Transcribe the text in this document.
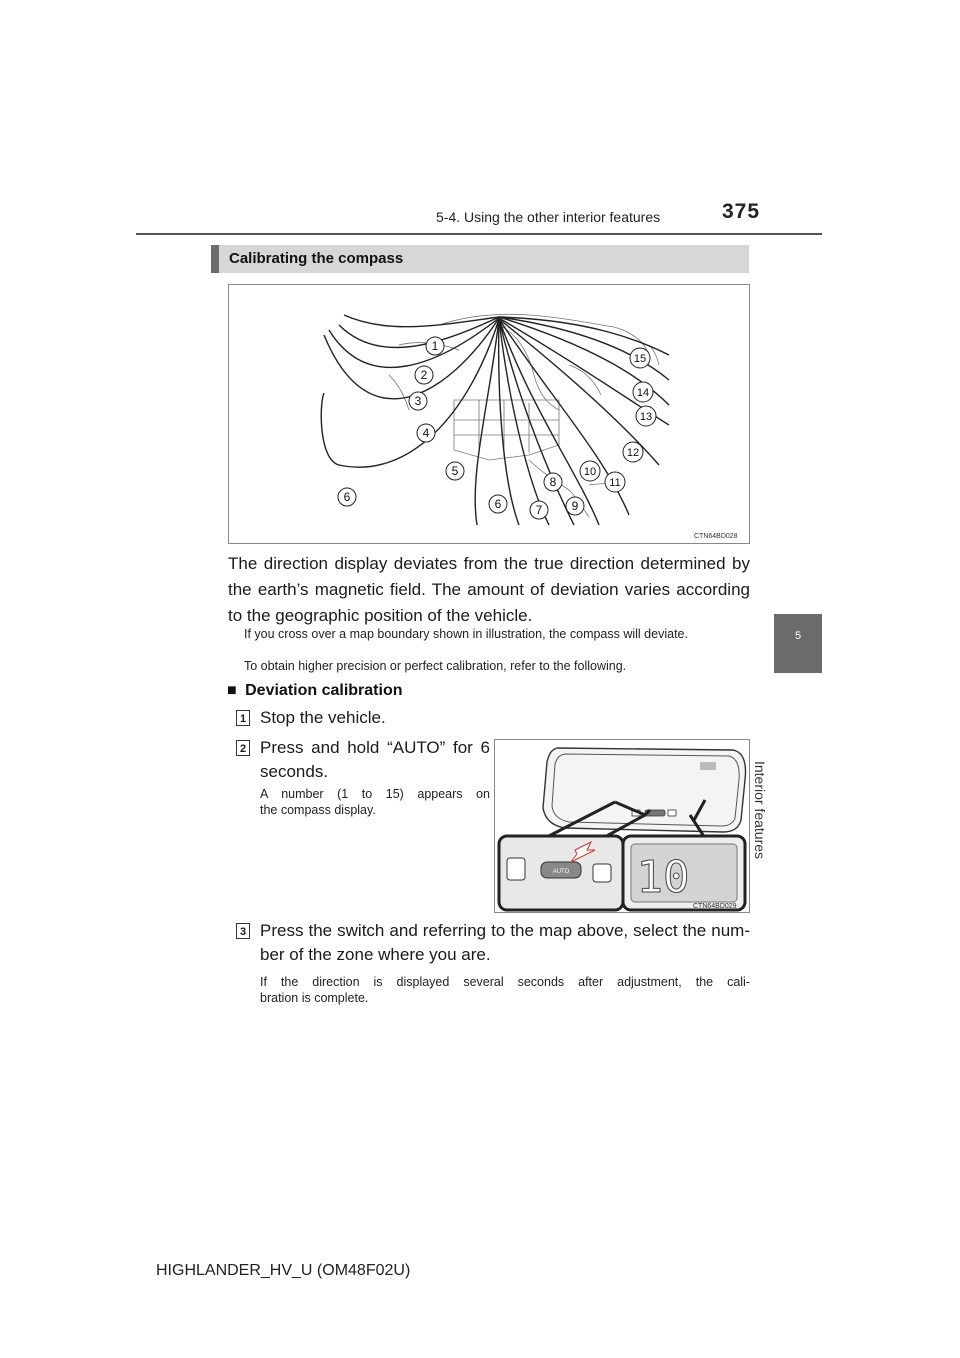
5-4. Using the other interior features	375
5
Interior features
Calibrating the compass
1
2
3
4
5
6	6	7
8
9
10
11
12
13
14
15
CTN64BD028
The direction display deviates from the true direction determined by the earth’s magnetic field. The amount of deviation varies according to the geographic position of the vehicle.
If you cross over a map boundary shown in illustration, the compass will deviate.
To obtain higher precision or perfect calibration, refer to the following.
■ Deviation calibration
1 Stop the vehicle.
2 Press and hold “AUTO” for 6
seconds.
A number (1 to 15) appears on
the compass display.
AUTO 10
CTN64BD029
3 Press the switch and referring to the map above, select the num-
ber of the zone where you are.
If the direction is displayed several seconds after adjustment, the cali-
bration is complete.
HIGHLANDER_HV_U (OM48F02U)
